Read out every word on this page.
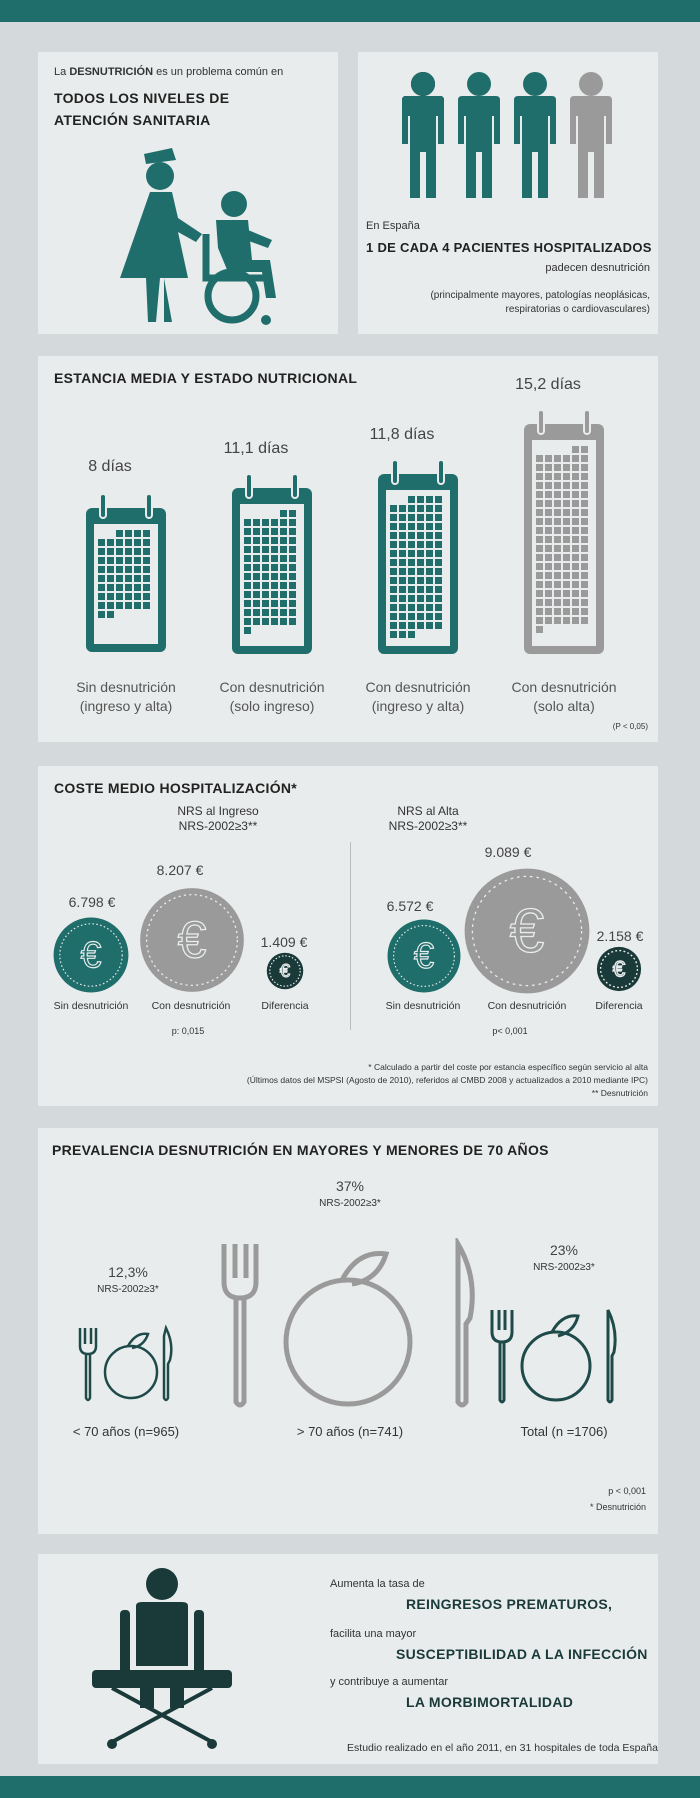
La DESNUTRICIÓN es un problema común en
TODOS LOS NIVELES DE
ATENCIÓN SANITARIA
En España
1 DE CADA 4 PACIENTES HOSPITALIZADOS
padecen desnutrición
(principalmente mayores, patologías neoplásicas,
respiratorias o cardiovasculares)
ESTANCIA MEDIA Y ESTADO NUTRICIONAL
8 días
Sin desnutrición
(ingreso y alta)
11,1 días
Con desnutrición
(solo ingreso)
11,8 días
Con desnutrición
(ingreso y alta)
15,2 días
Con desnutrición
(solo alta)
(P < 0,05)
COSTE MEDIO HOSPITALIZACIÓN*
NRS al Ingreso
NRS-2002≥3**
6.798 €
8.207 €
1.409 €
€ €
€
Sin desnutrición	Con desnutrición	Diferencia
p: 0,015
NRS al Alta
NRS-2002≥3**
6.572 €
9.089 €
2.158 €
€ €
€
Sin desnutrición	Con desnutrición	Diferencia
p< 0,001
* Calculado a partir del coste por estancia específico según servicio al alta
(Últimos datos del MSPSI (Agosto de 2010), referidos al CMBD 2008 y actualizados a 2010 mediante IPC)
** Desnutrición
PREVALENCIA DESNUTRICIÓN EN MAYORES Y MENORES DE 70 AÑOS
12,3%
NRS-2002≥3*
< 70 años (n=965)
37%
NRS-2002≥3*
> 70 años (n=741)
23%
NRS-2002≥3*
Total (n =1706)
p < 0,001
* Desnutrición
Aumenta la tasa de
REINGRESOS PREMATUROS,
facilita una mayor
SUSCEPTIBILIDAD A LA INFECCIÓN
y contribuye a aumentar
LA MORBIMORTALIDAD
Estudio realizado en el año 2011, en 31 hospitales de toda España
